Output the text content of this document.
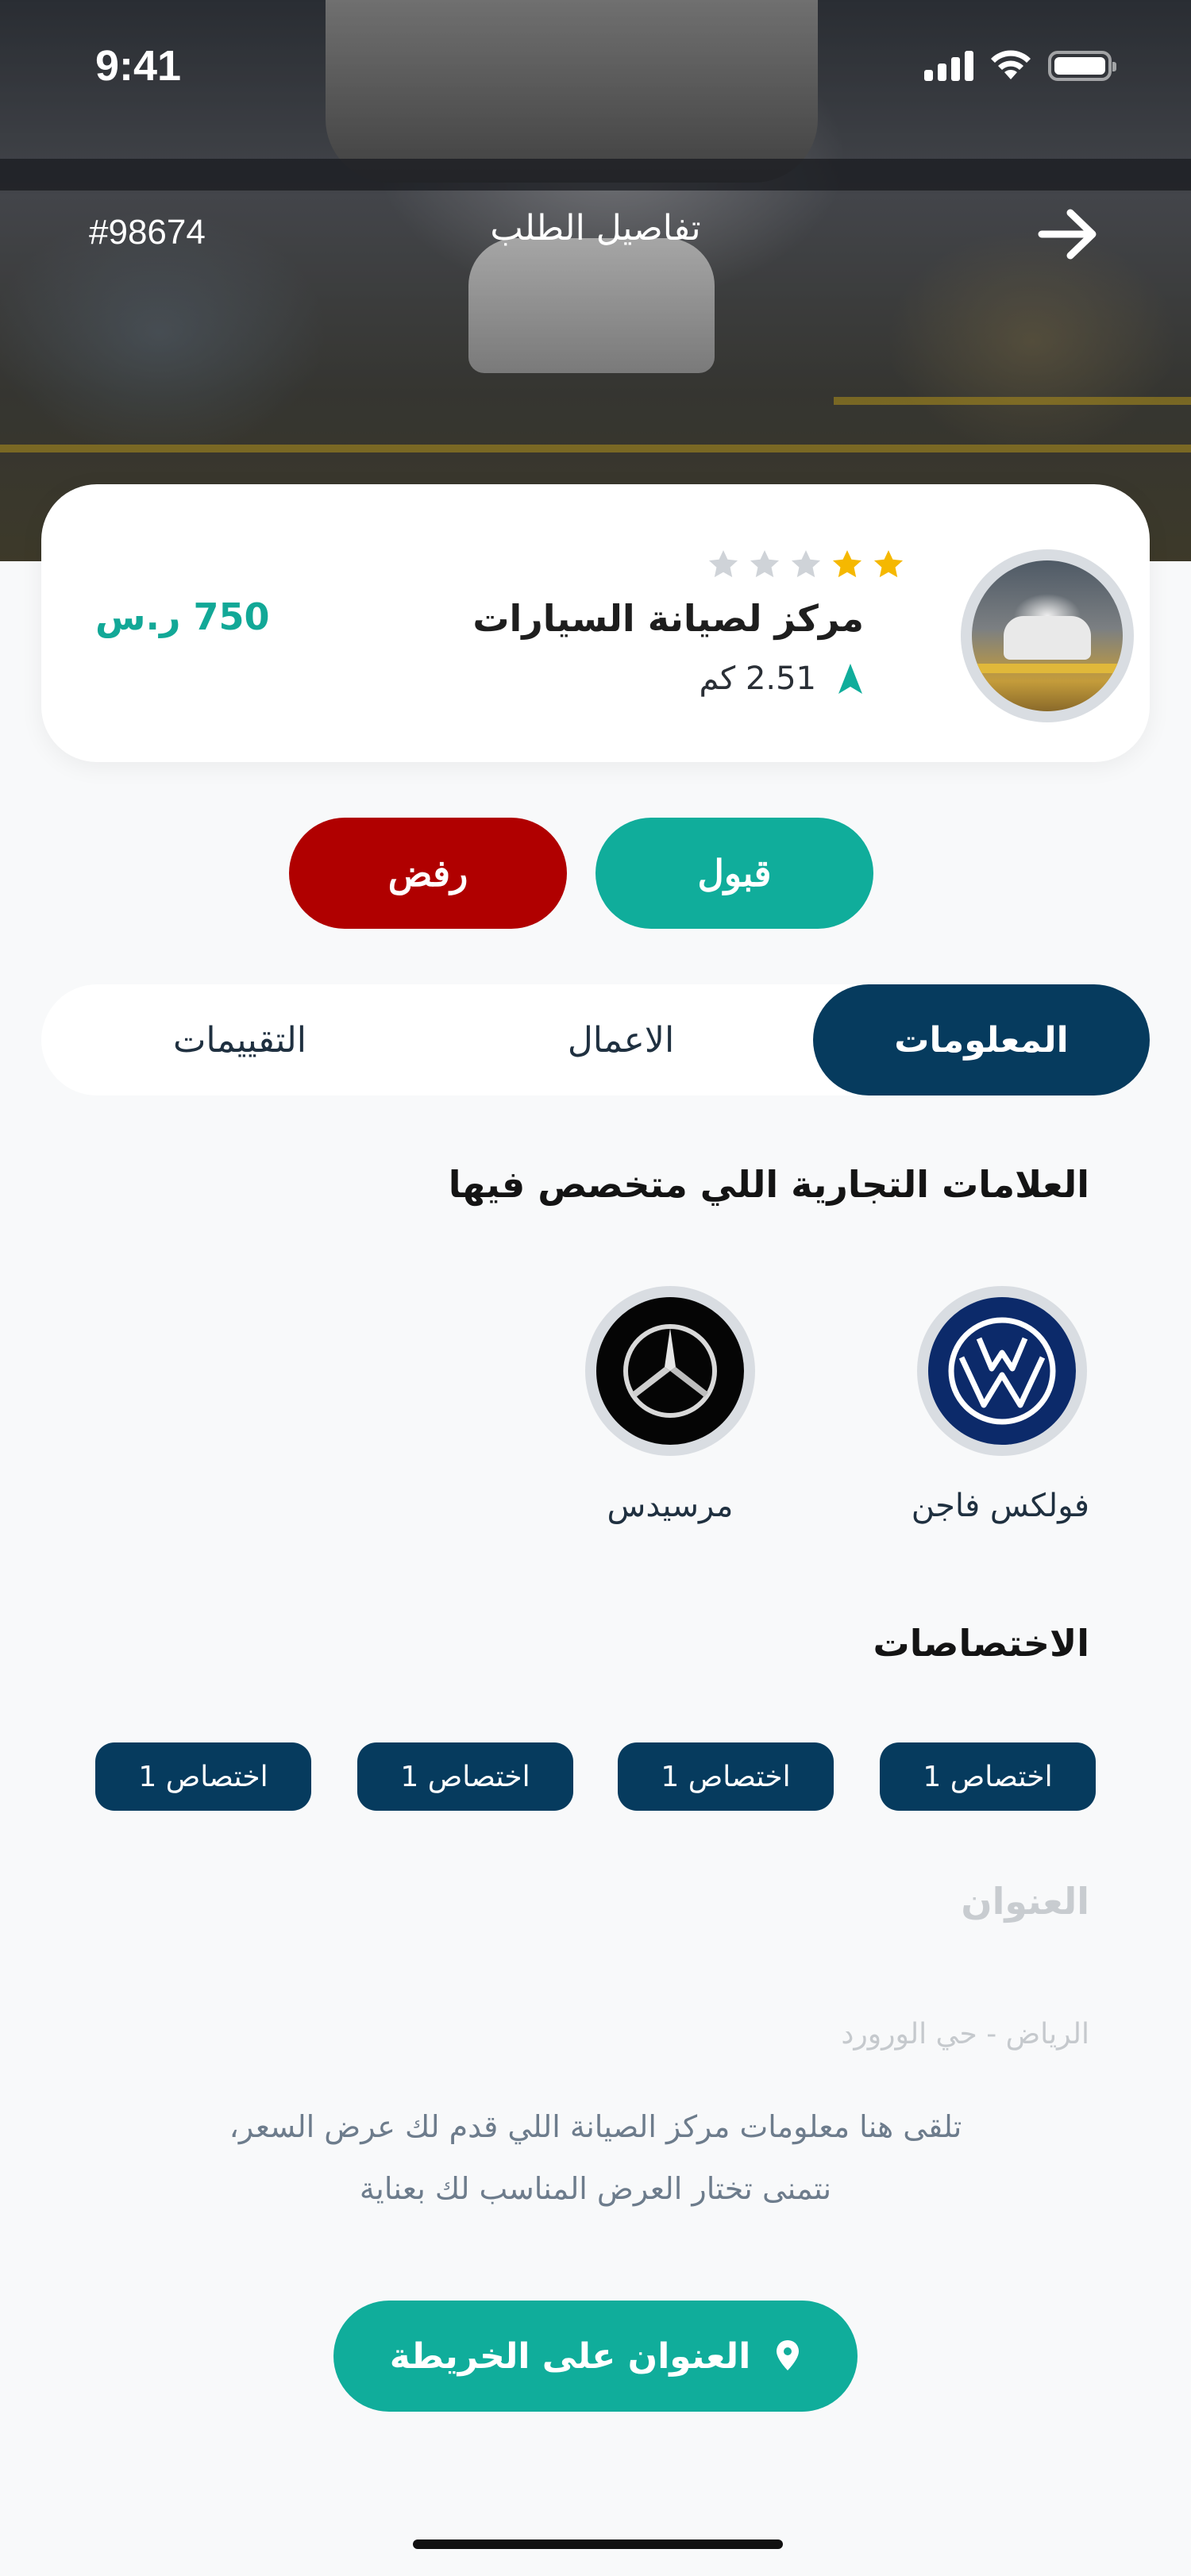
9:41
#98674	تفاصيل الطلب
مركز لصيانة السيارات
2.51 كم
750 ر.س
قبول
رفض
المعلومات
الاعمال
التقييمات
العلامات التجارية اللي متخصص فيها
فولكس فاجن
مرسيدس
الاختصاصات
اختصاص 1
اختصاص 1
اختصاص 1
اختصاص 1
العنوان
الرياض - حي الورورد
تلقى هنا معلومات مركز الصيانة اللي قدم لك عرض السعر،
نتمنى تختار العرض المناسب لك بعناية
العنوان على الخريطة
